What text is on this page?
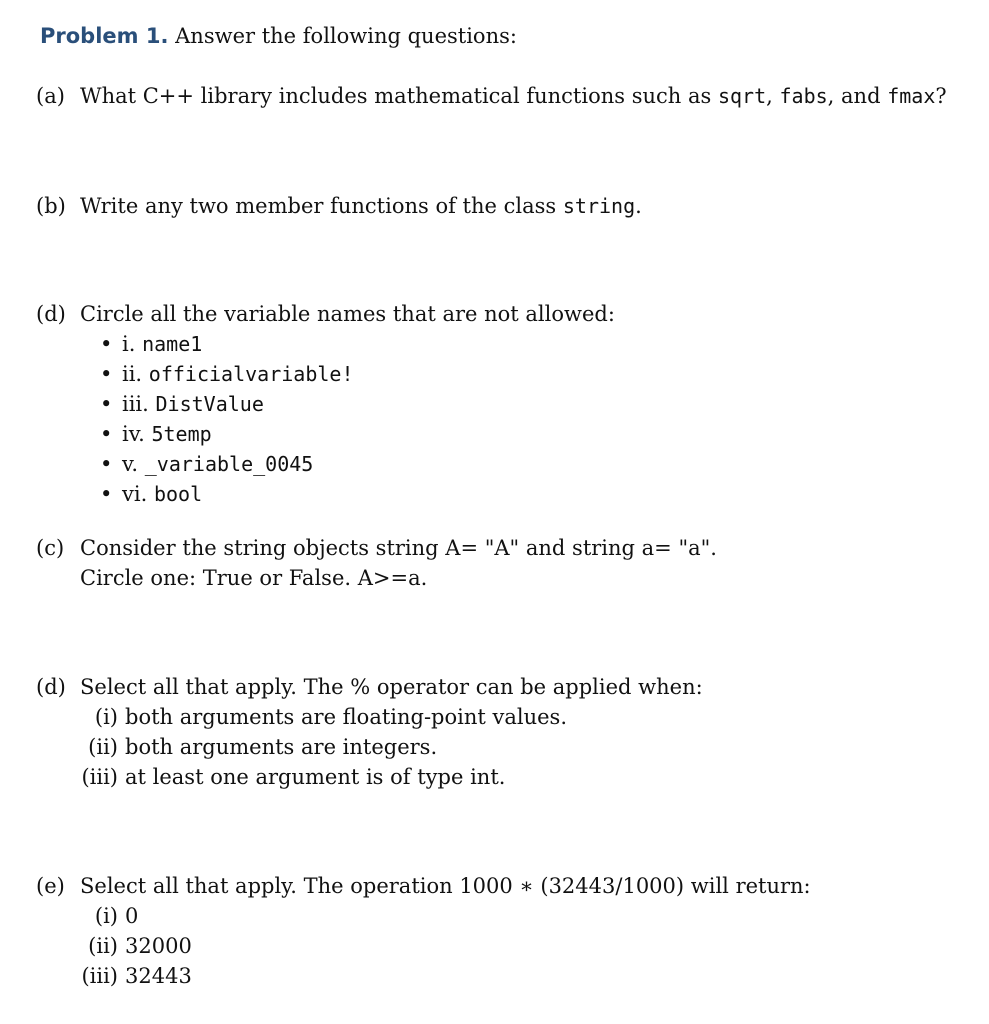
Problem 1. Answer the following questions:
(a) What C++ library includes mathematical functions such as sqrt, fabs, and fmax?
(b) Write any two member functions of the class string.
(d) Circle all the variable names that are not allowed:
• i. name1
• ii. officialvariable!
• iii. DistValue
• iv. 5temp
• v. _variable_0045
• vi. bool
(c) Consider the string objects string A= "A" and string a= "a".
Circle one: True or False. A>=a.
(d) Select all that apply. The % operator can be applied when:
(i) both arguments are floating-point values.
(ii) both arguments are integers.
(iii) at least one argument is of type int.
(e) Select all that apply. The operation 1000 ∗ (32443/1000) will return:
(i) 0
(ii) 32000
(iii) 32443
